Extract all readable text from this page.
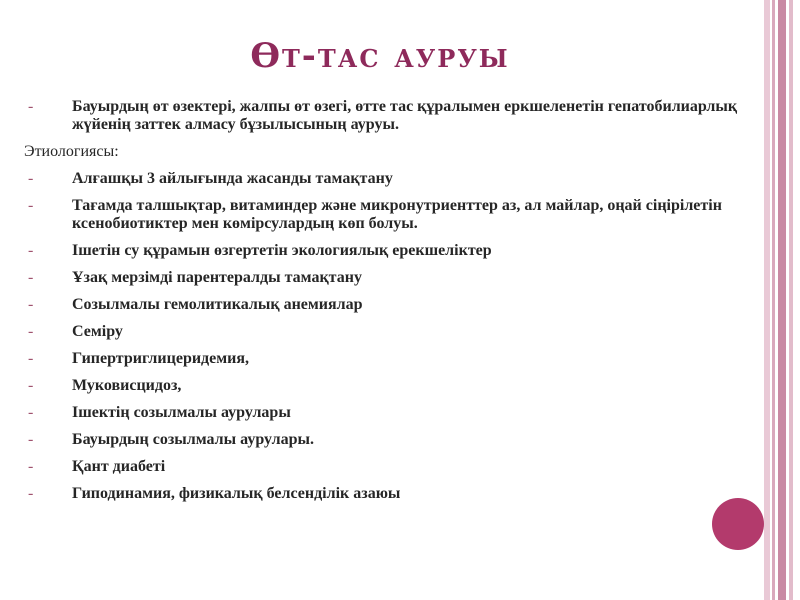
Өт-тас ауруы
- Бауырдың өт өзектері, жалпы өт өзегі, өтте тас құралымен еркшеленетін гепатобилиарлық жүйенің заттек алмасу бұзылысының ауруы.
Этиологиясы:
- Алғашқы 3 айлығында жасанды тамақтану
- Тағамда талшықтар, витаминдер және микронутриенттер аз, ал майлар, оңай сіңірілетін ксенобиотиктер мен көмірсулардың көп болуы.
- Ішетін су құрамын өзгертетін экологиялық ерекшеліктер
- Ұзақ мерзімді парентералды тамақтану
- Созылмалы гемолитикалық анемиялар
- Семіру
- Гипертриглицеридемия,
- Муковисцидоз,
- Ішектің созылмалы аурулары
- Бауырдың созылмалы аурулары.
- Қант диабеті
- Гиподинамия, физикалық белсенділік азаюы
